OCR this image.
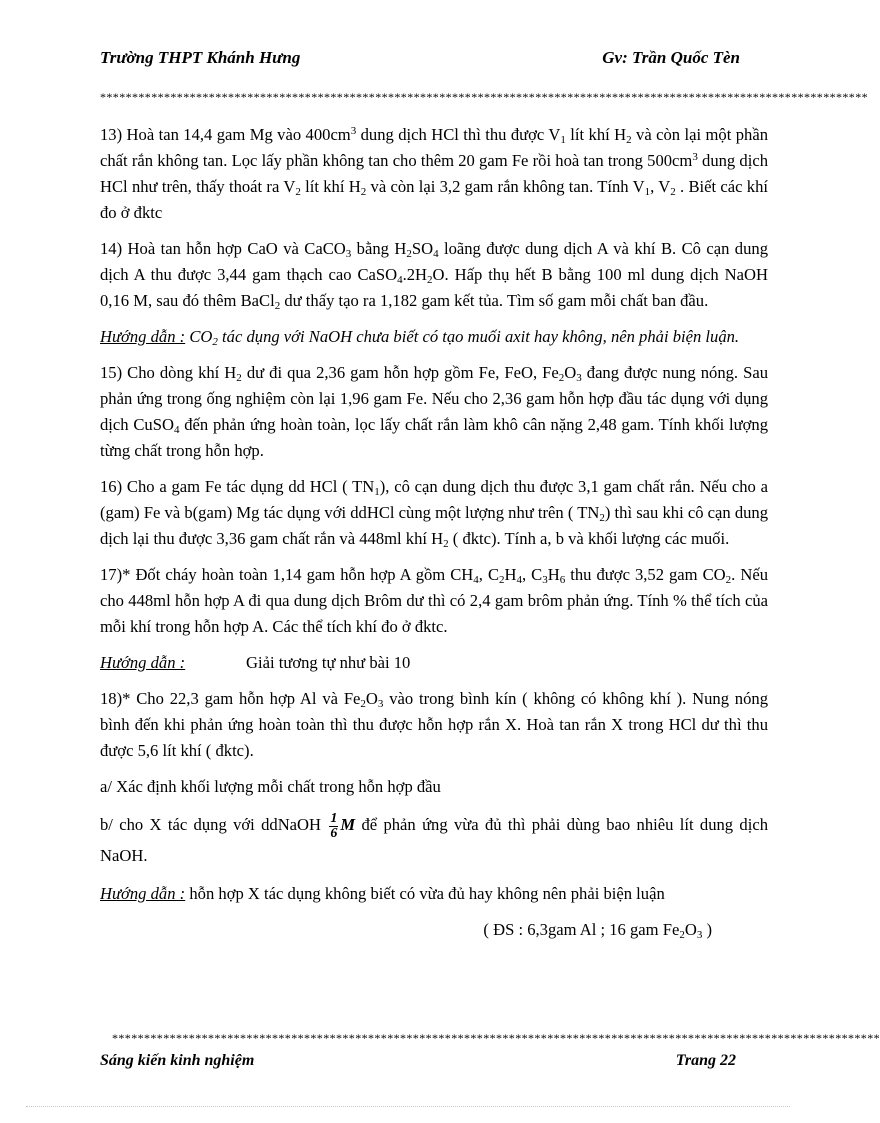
Trường THPT Khánh Hưng	Gv: Trần Quốc Tèn
************************************************************************************************************************

13) Hoà tan 14,4 gam Mg vào $400cm^3$ dung dịch HCl thì thu được $V_1$ lít khí $H_2$ và còn lại một phần chất rắn không tan. Lọc lấy phần không tan cho thêm 20 gam Fe rồi hoà tan trong $500cm^3$ dung dịch HCl như trên, thấy thoát ra $V_2$ lít khí $H_2$ và còn lại 3,2 gam rắn không tan. Tính $V_1$, $V_2$ . Biết các khí đo ở đktc

14) Hoà tan hỗn hợp CaO và CaCO$_3$ bằng $H_2SO_4$ loãng được dung dịch A và khí B. Cô cạn dung dịch A thu được 3,44 gam thạch cao $CaSO_4.2H_2O$. Hấp thụ hết B bằng 100 ml dung dịch NaOH 0,16 M, sau đó thêm BaCl$_2$ dư thấy tạo ra 1,182 gam kết tủa. Tìm số gam mỗi chất ban đầu.

Hướng dẫn : $CO_2$ tác dụng với NaOH chưa biết có tạo muối axit hay không, nên phải biện luận.

15) Cho dòng khí $H_2$ dư đi qua 2,36 gam hỗn hợp gồm Fe, FeO, $Fe_2O_3$ đang được nung nóng. Sau phản ứng trong ống nghiệm còn lại 1,96 gam Fe. Nếu cho 2,36 gam hỗn hợp đầu tác dụng với dụng dịch CuSO$_4$ đến phản ứng hoàn toàn, lọc lấy chất rắn làm khô cân nặng 2,48 gam. Tính khối lượng từng chất trong hỗn hợp.

16) Cho a gam Fe tác dụng dd HCl ( $TN_1$), cô cạn dung dịch thu được 3,1 gam chất rắn. Nếu cho a (gam) Fe và b(gam) Mg tác dụng với ddHCl cùng một lượng như trên ( $TN_2$) thì sau khi cô cạn dung dịch lại thu được 3,36 gam chất rắn và 448ml khí $H_2$ ( đktc). Tính a, b và khối lượng các muối.

17)* Đốt cháy hoàn toàn 1,14 gam hỗn hợp A gồm $CH_4$, $C_2H_4$, $C_3H_6$ thu được 3,52 gam $CO_2$. Nếu cho 448ml hỗn hợp A đi qua dung dịch Brôm dư thì có 2,4 gam brôm phản ứng. Tính % thể tích của mỗi khí trong hỗn hợp A. Các thể tích khí đo ở đktc.

Hướng dẫn :	Giải tương tự như bài 10

18)* Cho 22,3 gam hỗn hợp Al và $Fe_2O_3$ vào trong bình kín ( không có không khí ). Nung nóng bình đến khi phản ứng hoàn toàn thì thu được hỗn hợp rắn X. Hoà tan rắn X trong HCl dư thì thu được 5,6 lít khí ( đktc).

a/ Xác định khối lượng mỗi chất trong hỗn hợp đầu

b/ cho X tác dụng với ddNaOH $\frac{1}{6}$ M để phản ứng vừa đủ thì phải dùng bao nhiêu lít dung dịch NaOH.

Hướng dẫn : hỗn hợp X tác dụng không biết có vừa đủ hay không nên phải biện luận

( ĐS : 6,3gam Al ; 16 gam $Fe_2O_3$ )

************************************************************************************************************************
Sáng kiến kinh nghiệm	Trang 22
